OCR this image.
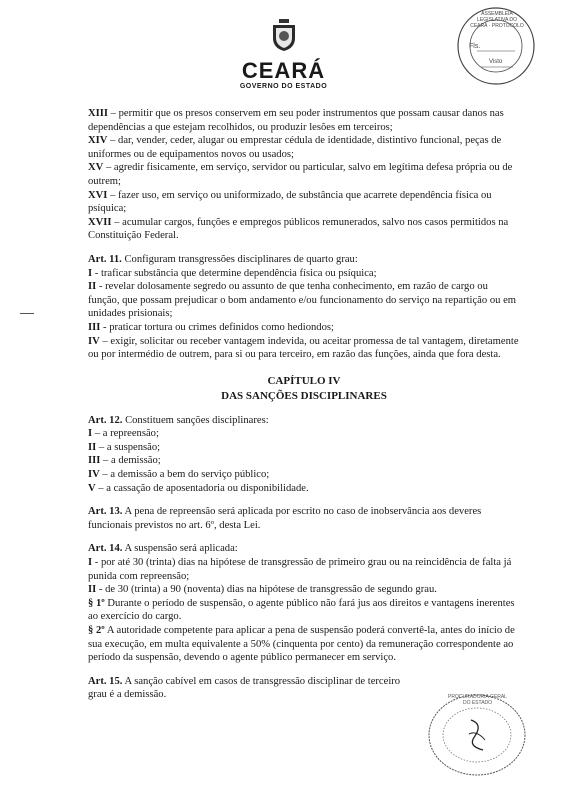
CEARÁ
GOVERNO DO ESTADO
ASSEMBLEIA LEGISLATIVA DO CEARÁ · PROTOCOLO
Fls.
Visto

XIII – permitir que os presos conservem em seu poder instrumentos que possam causar danos nas dependências a que estejam recolhidos, ou produzir lesões em terceiros;

XIV – dar, vender, ceder, alugar ou emprestar cédula de identidade, distintivo funcional, peças de uniformes ou de equipamentos novos ou usados;

XV – agredir fisicamente, em serviço, servidor ou particular, salvo em legítima defesa própria ou de outrem;

XVI – fazer uso, em serviço ou uniformizado, de substância que acarrete dependência física ou psíquica;

XVII – acumular cargos, funções e empregos públicos remunerados, salvo nos casos permitidos na Constituição Federal.

Art. 11. Configuram transgressões disciplinares de quarto grau:

I - traficar substância que determine dependência física ou psíquica;

II - revelar dolosamente segredo ou assunto de que tenha conhecimento, em razão de cargo ou função, que possam prejudicar o bom andamento e/ou funcionamento do serviço na repartição ou em unidades prisionais;

III - praticar tortura ou crimes definidos como hediondos;

IV – exigir, solicitar ou receber vantagem indevida, ou aceitar promessa de tal vantagem, diretamente ou por intermédio de outrem, para si ou para terceiro, em razão das funções, ainda que fora desta.

CAPÍTULO IV
DAS SANÇÕES DISCIPLINARES

Art. 12. Constituem sanções disciplinares:

I – a repreensão;

II – a suspensão;

III – a demissão;

IV – a demissão a bem do serviço público;

V – a cassação de aposentadoria ou disponibilidade.

Art. 13. A pena de repreensão será aplicada por escrito no caso de inobservância aos deveres funcionais previstos no art. 6º, desta Lei.

Art. 14. A suspensão será aplicada:

I - por até 30 (trinta) dias na hipótese de transgressão de primeiro grau ou na reincidência de falta já punida com repreensão;

II - de 30 (trinta) a 90 (noventa) dias na hipótese de transgressão de segundo grau.

§ 1º Durante o período de suspensão, o agente público não fará jus aos direitos e vantagens inerentes ao exercício do cargo.

§ 2º A autoridade competente para aplicar a pena de suspensão poderá convertê-la, antes do início de sua execução, em multa equivalente a 50% (cinquenta por cento) da remuneração correspondente ao período da suspensão, devendo o agente público permanecer em serviço.

Art. 15. A sanção cabível em casos de transgressão disciplinar de terceiro grau é a demissão.	PROCURADORIA GERAL DO ESTADO
